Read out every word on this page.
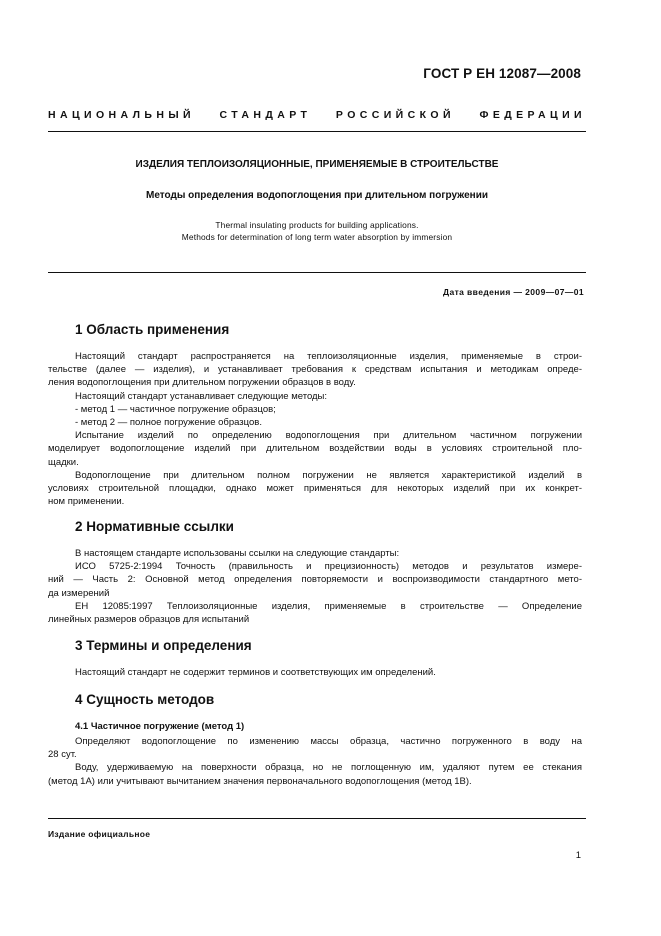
ГОСТ Р ЕН 12087—2008
НАЦИОНАЛЬНЫЙ СТАНДАРТ РОССИЙСКОЙ ФЕДЕРАЦИИ
ИЗДЕЛИЯ ТЕПЛОИЗОЛЯЦИОННЫЕ, ПРИМЕНЯЕМЫЕ В СТРОИТЕЛЬСТВЕ
Методы определения водопоглощения при длительном погружении
Thermal insulating products for building applications.
Methods for determination of long term water absorption by immersion
Дата введения — 2009—07—01
1 Область применения
Настоящий стандарт распространяется на теплоизоляционные изделия, применяемые в строи-
тельстве (далее — изделия), и устанавливает требования к средствам испытания и методикам опреде-
ления водопоглощения при длительном погружении образцов в воду.
Настоящий стандарт устанавливает следующие методы:
- метод 1 — частичное погружение образцов;
- метод 2 — полное погружение образцов.
Испытание изделий по определению водопоглощения при длительном частичном погружении
моделирует водопоглощение изделий при длительном воздействии воды в условиях строительной пло-
щадки.
Водопоглощение при длительном полном погружении не является характеристикой изделий в
условиях строительной площадки, однако может применяться для некоторых изделий при их конкрет-
ном применении.
2 Нормативные ссылки
В настоящем стандарте использованы ссылки на следующие стандарты:
ИСО 5725-2:1994 Точность (правильность и прецизионность) методов и результатов измере-
ний — Часть 2: Основной метод определения повторяемости и воспроизводимости стандартного мето-
да измерений
ЕН 12085:1997 Теплоизоляционные изделия, применяемые в строительстве — Определение
линейных размеров образцов для испытаний
3 Термины и определения
Настоящий стандарт не содержит терминов и соответствующих им определений.
4 Сущность методов
4.1 Частичное погружение (метод 1)
Определяют водопоглощение по изменению массы образца, частично погруженного в воду на
28 сут.
Воду, удерживаемую на поверхности образца, но не поглощенную им, удаляют путем ее стекания
(метод 1А) или учитывают вычитанием значения первоначального водопоглощения (метод 1В).
Издание официальное
1
